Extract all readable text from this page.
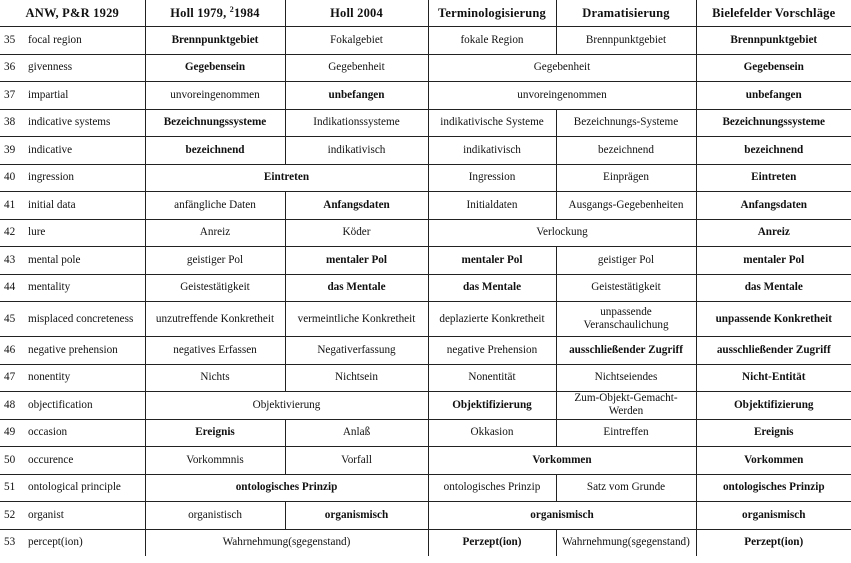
ANW, P&R 1929	Holl 1979, $^2$1984	Holl 2004	Terminologisierung	Dramatisierung	Bielefelder Vorschläge
35 focal region	Brennpunktgebiet	Fokalgebiet	fokale Region	Brennpunktgebiet	Brennpunktgebiet
36 givenness	Gegebensein	Gegebenheit	Gegebenheit		Gegebensein
37 impartial	unvoreingenommen	unbefangen	unvoreingenommen		unbefangen
38 indicative systems	Bezeichnungssysteme	Indikationssysteme	indikativische Systeme	Bezeichnungs-Systeme	Bezeichnungssysteme
39 indicative	bezeichnend	indikativisch	indikativisch	bezeichnend	bezeichnend
40 ingression	Eintreten		Ingression	Einprägen	Eintreten
41 initial data	anfängliche Daten	Anfangsdaten	Initialdaten	Ausgangs-Gegebenheiten	Anfangsdaten
42 lure	Anreiz	Köder	Verlockung		Anreiz
43 mental pole	geistiger Pol	mentaler Pol	mentaler Pol	geistiger Pol	mentaler Pol
44 mentality	Geistestätigkeit	das Mentale	das Mentale	Geistestätigkeit	das Mentale
45 misplaced concreteness	unzutreffende Konkretheit	vermeintliche Konkretheit	deplazierte Konkretheit	unpassende Veranschaulichung	unpassende Konkretheit
46 negative prehension	negatives Erfassen	Negativerfassung	negative Prehension	ausschließender Zugriff	ausschließender Zugriff
47 nonentity	Nichts	Nichtsein	Nonentität	Nichtseiendes	Nicht-Entität
48 objectification	Objektivierung		Objektifizierung	Zum-Objekt-Gemacht-Werden	Objektifizierung
49 occasion	Ereignis	Anlaß	Okkasion	Eintreffen	Ereignis
50 occurence	Vorkommnis	Vorfall	Vorkommen		Vorkommen
51 ontological principle	ontologisches Prinzip		ontologisches Prinzip	Satz vom Grunde	ontologisches Prinzip
52 organist	organistisch	organismisch	organismisch		organismisch
53 percept(ion)	Wahrnehmung(sgegenstand)		Perzept(ion)	Wahrnehmung(sgegenstand)	Perzept(ion)
